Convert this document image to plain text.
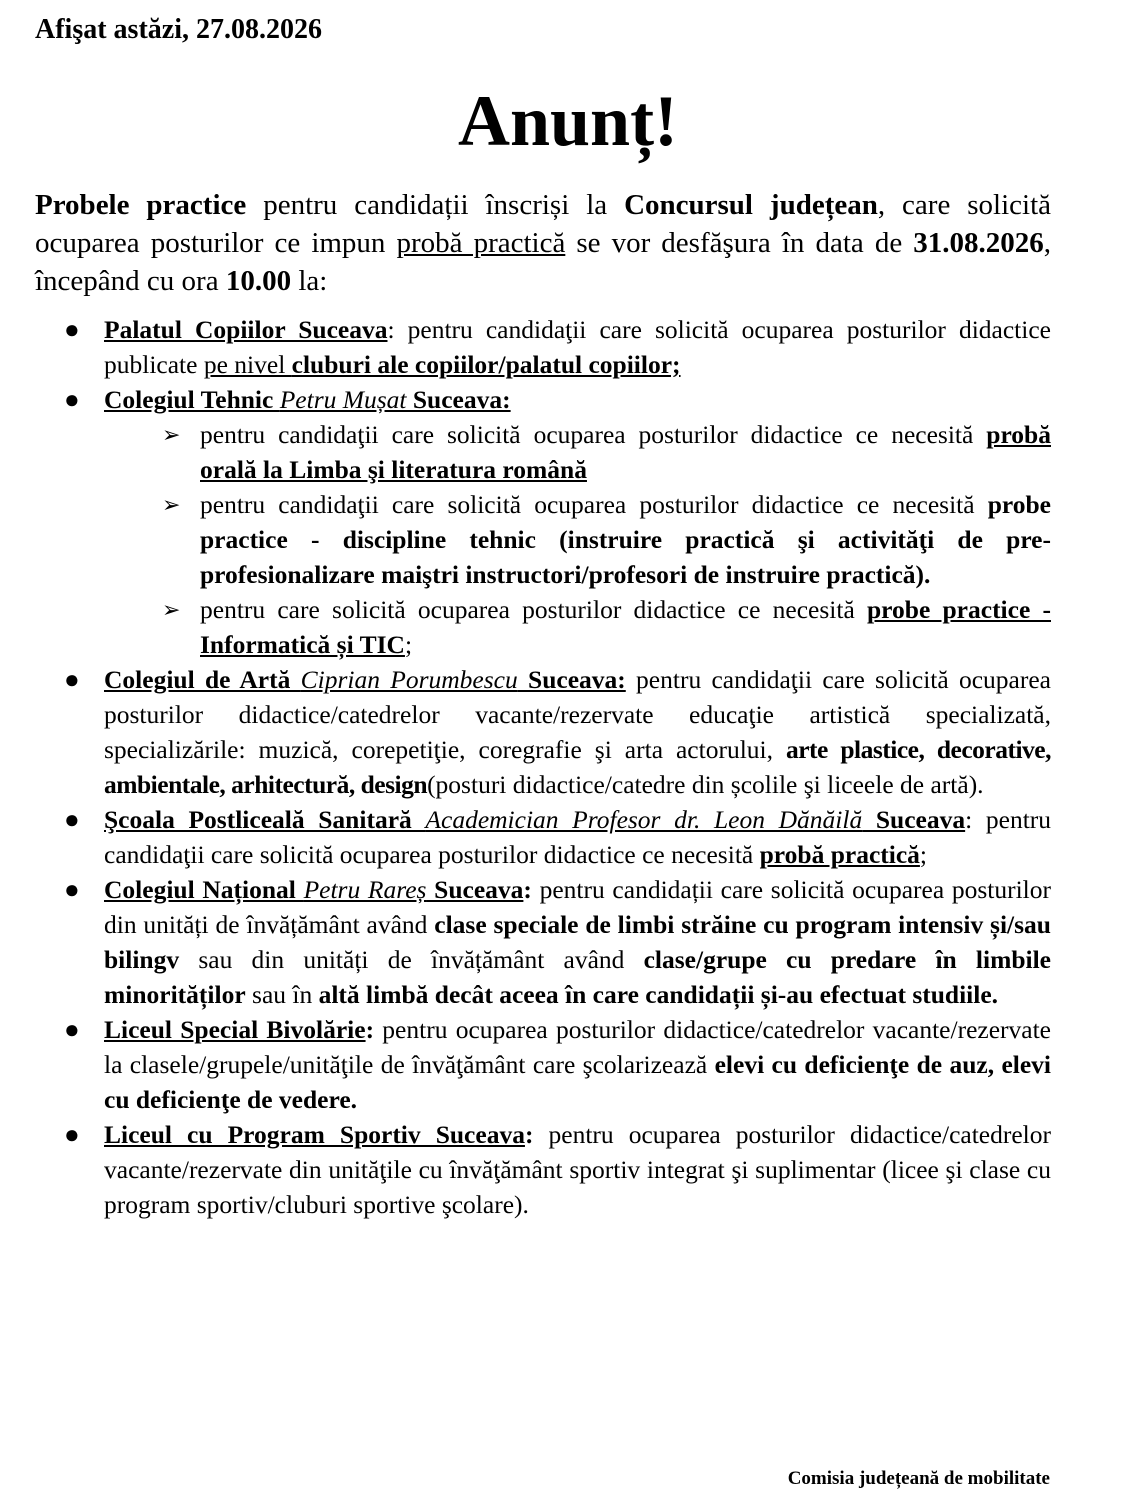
Afişat astăzi, 27.08.2026
Anunț!
Probele practice pentru candidații înscriși la Concursul județean, care solicită ocuparea posturilor ce impun probă practică se vor desfăşura în data de 31.08.2026, începând cu ora 10.00 la:
● Palatul Copiilor Suceava: pentru candidaţii care solicită ocuparea posturilor didactice publicate pe nivel cluburi ale copiilor/palatul copiilor;
● Colegiul Tehnic Petru Mușat Suceava:
➢ pentru candidaţii care solicită ocuparea posturilor didactice ce necesită probă orală la Limba şi literatura română
➢ pentru candidaţii care solicită ocuparea posturilor didactice ce necesită probe practice - discipline tehnic (instruire practică şi activităţi de pre-profesionalizare maiştri instructori/profesori de instruire practică).
➢ pentru care solicită ocuparea posturilor didactice ce necesită probe practice - Informatică și TIC;
● Colegiul de Artă Ciprian Porumbescu Suceava: pentru candidaţii care solicită ocuparea posturilor didactice/catedrelor vacante/rezervate educaţie artistică specializată, specializările: muzică, corepetiţie, coregrafie şi arta actorului, arte plastice, decorative, ambientale, arhitectură, design(posturi didactice/catedre din școlile şi liceele de artă).
● Şcoala Postliceală Sanitară Academician Profesor dr. Leon Dănăilă Suceava: pentru candidaţii care solicită ocuparea posturilor didactice ce necesită probă practică;
● Colegiul Național Petru Rareș Suceava: pentru candidații care solicită ocuparea posturilor din unități de învățământ având clase speciale de limbi străine cu program intensiv și/sau bilingv sau din unități de învățământ având clase/grupe cu predare în limbile minorităților sau în altă limbă decât aceea în care candidații și-au efectuat studiile.
● Liceul Special Bivolărie: pentru ocuparea posturilor didactice/catedrelor vacante/rezervate la clasele/grupele/unităţile de învăţământ care şcolarizează elevi cu deficienţe de auz, elevi cu deficienţe de vedere.
● Liceul cu Program Sportiv Suceava: pentru ocuparea posturilor didactice/catedrelor vacante/rezervate din unităţile cu învăţământ sportiv integrat şi suplimentar (licee şi clase cu program sportiv/cluburi sportive şcolare).
Comisia județeană de mobilitate
